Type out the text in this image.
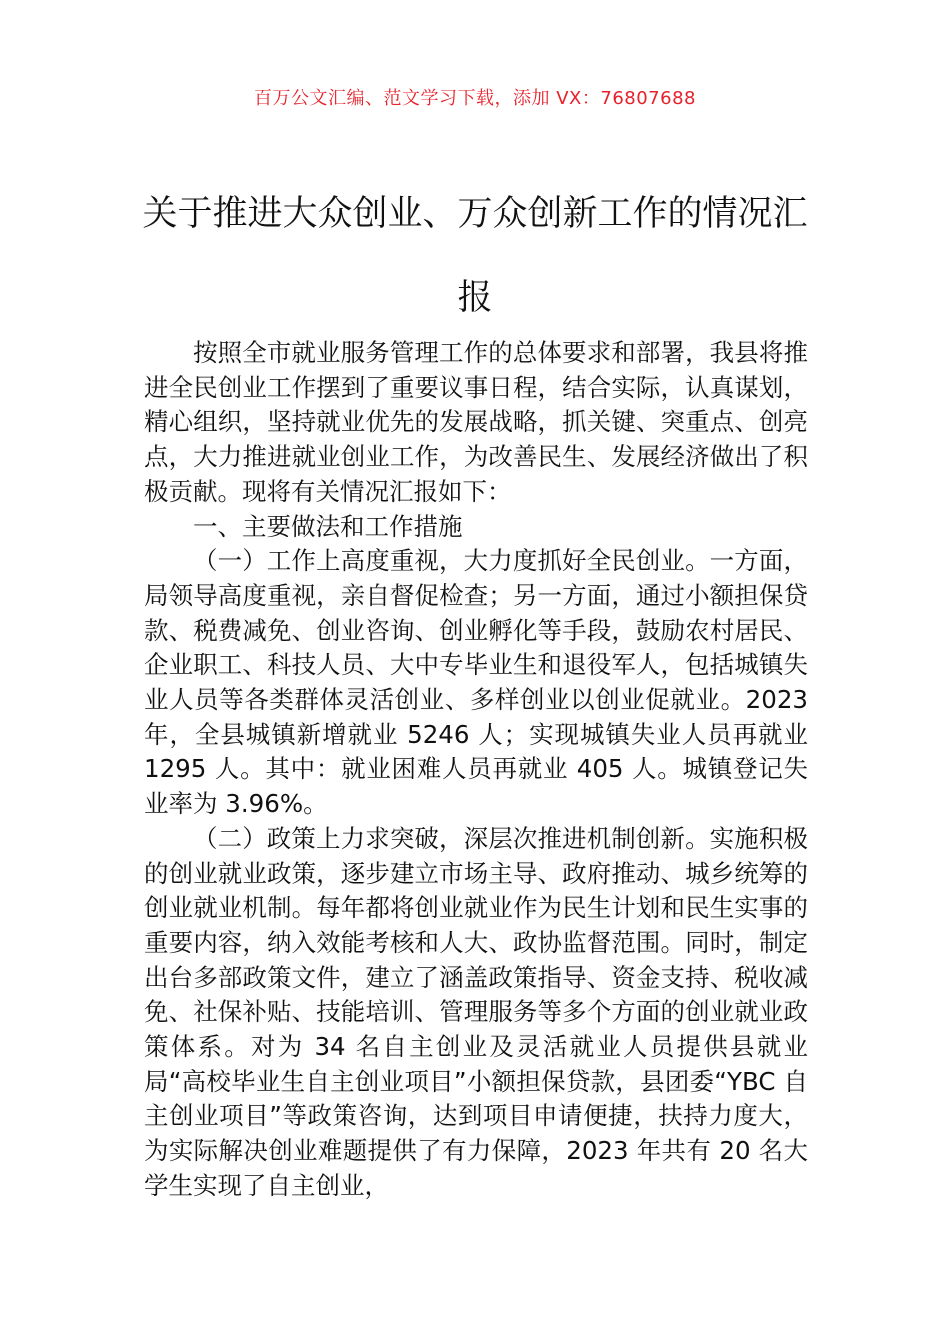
百万公文汇编、范文学习下载，添加 VX：76807688
关于推进大众创业、万众创新工作的情况汇报

按照全市就业服务管理工作的总体要求和部署，我县将推进全民创业工作摆到了重要议事日程，结合实际，认真谋划，精心组织，坚持就业优先的发展战略，抓关键、突重点、创亮点，大力推进就业创业工作，为改善民生、发展经济做出了积极贡献。现将有关情况汇报如下：

一、主要做法和工作措施

（一）工作上高度重视，大力度抓好全民创业。一方面，局领导高度重视，亲自督促检查；另一方面，通过小额担保贷款、税费减免、创业咨询、创业孵化等手段，鼓励农村居民、企业职工、科技人员、大中专毕业生和退役军人，包括城镇失业人员等各类群体灵活创业、多样创业以创业促就业。2023 年，全县城镇新增就业 5246 人；实现城镇失业人员再就业 1295 人。其中：就业困难人员再就业 405 人。城镇登记失业率为 3.96%。

（二）政策上力求突破，深层次推进机制创新。实施积极的创业就业政策，逐步建立市场主导、政府推动、城乡统筹的创业就业机制。每年都将创业就业作为民生计划和民生实事的重要内容，纳入效能考核和人大、政协监督范围。同时，制定出台多部政策文件，建立了涵盖政策指导、资金支持、税收减免、社保补贴、技能培训、管理服务等多个方面的创业就业政策体系。对为 34 名自主创业及灵活就业人员提供县就业局“高校毕业生自主创业项目”小额担保贷款，县团委“YBC 自主创业项目”等政策咨询，达到项目申请便捷，扶持力度大，为实际解决创业难题提供了有力保障，2023 年共有 20 名大学生实现了自主创业，
